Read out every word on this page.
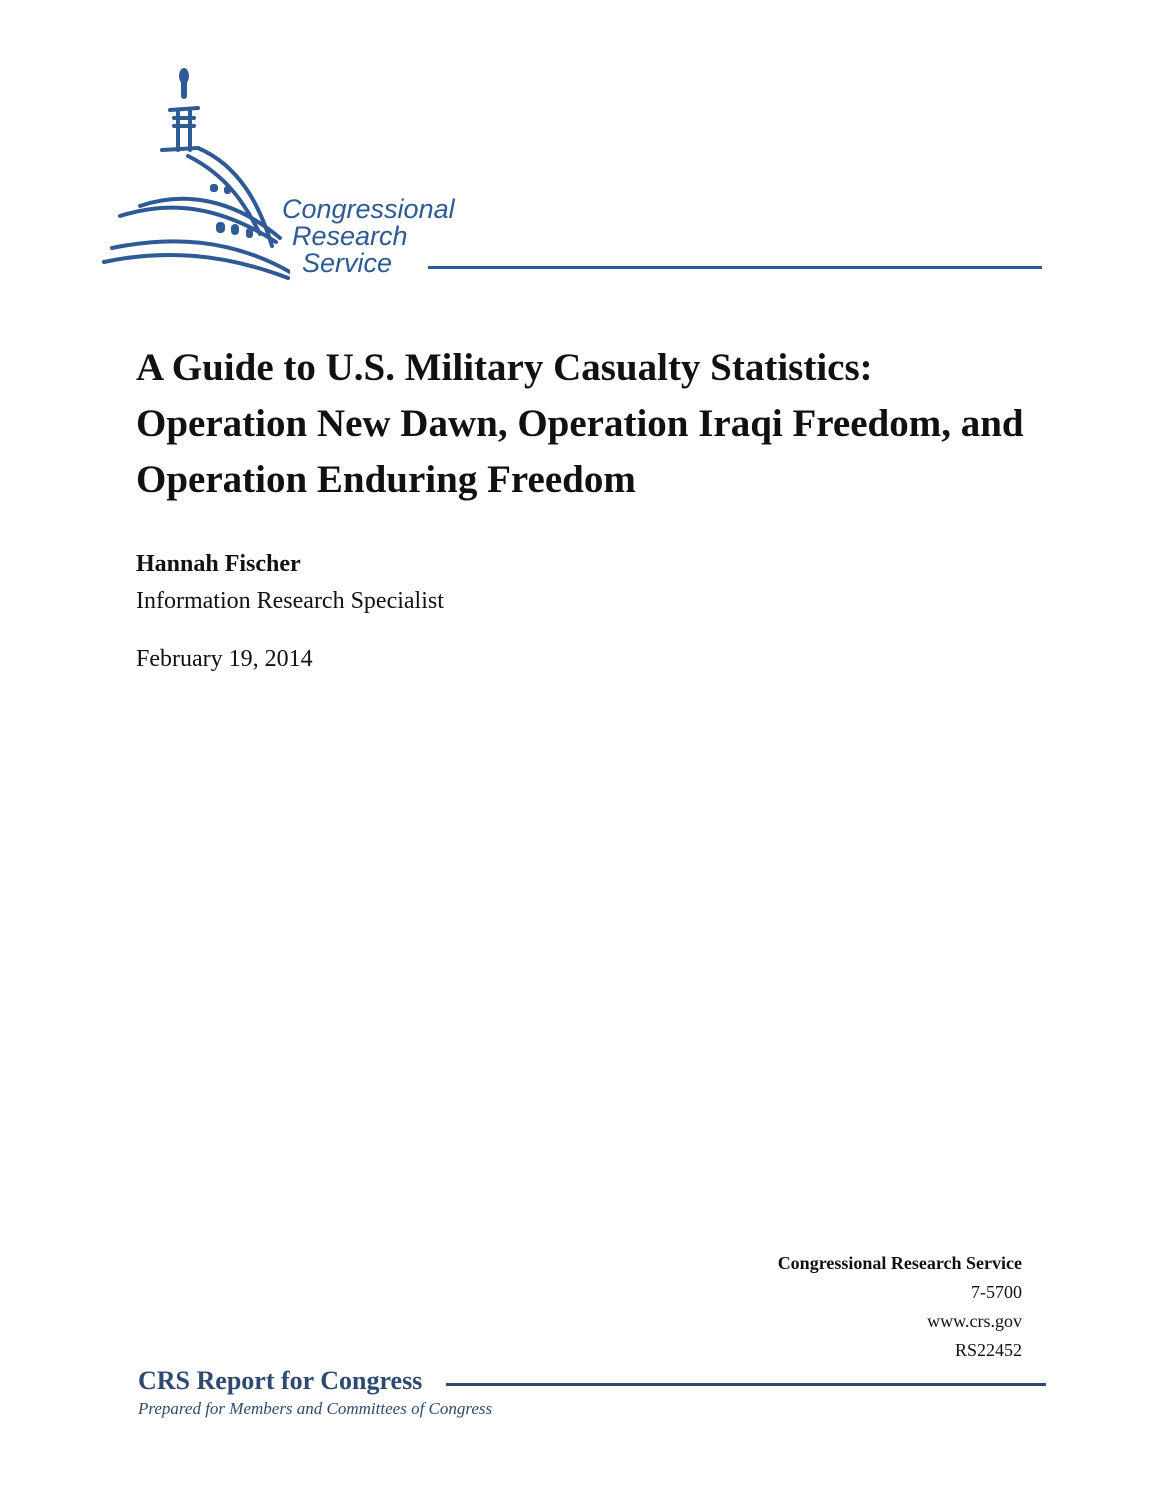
Congressional
Research
Service
A Guide to U.S. Military Casualty Statistics: Operation New Dawn, Operation Iraqi Freedom, and Operation Enduring Freedom
Hannah Fischer
Information Research Specialist
February 19, 2014
Congressional Research Service
7-5700
www.crs.gov
RS22452
CRS Report for Congress
Prepared for Members and Committees of Congress
